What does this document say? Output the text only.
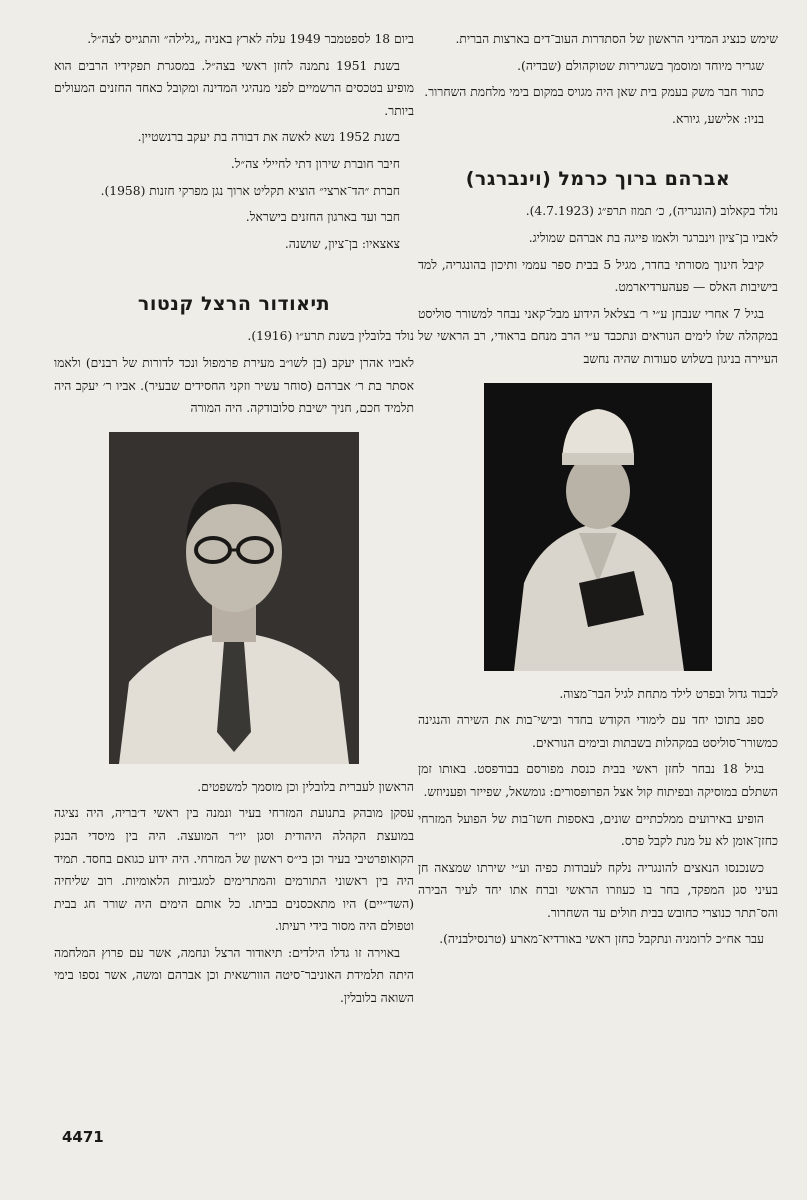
שימש כנציג המדיני הראשון של הסתדרות העוב־דים בארצות הברית.

שגריר מיוחד ומוסמך בשגרירות שטוקהולם (שבדיה).

כתור חבר משק בעמק בית שאן היה מגויס במקום בימי מלחמת השחרור.

בניו: אלישע, גיורא.

אברהם ברוך כרמל (וינברגר)

נולד בקאלוב (הונגריה), כ׳ תמוז תרפ״ג (4.7.1923).

לאביו בן־ציון וינברגר ולאמו פייגה בת אברהם שמוליג.

קיבל חינוך מסורתי בחדר, מגיל 5 בבית ספר עממי ותיכון בהונגריה, למד בישיבות האלס — פעהערדיארמט.

בגיל 7 אחרי שנבחן ע״י ר׳ בצלאל הידוע מבל־קאני נבחר למשורר סוליסט במקהלה שלו לימים הנוראים ונתכבד ע״י הרב מנחם בראודי, רב הראשי של העיירה בניגון בשלוש סעודות שהיה נחשב

לכבוד גדול ובפרט לילד מתחת לגיל הבר־מצוה.

ספג בתוכו יחד עם לימודי הקודש בחדר ובישי־בות את השירה והנגינה כמשורר־סוליסט במקהלות בשבתות ובימים הנוראים.

בגיל 18 נבחר לחזן ראשי בבית כנסת מפורסם בבודפסט. באותו זמן השתלם במוסיקה ובפיתוח קול אצל הפרופסורים: גומשאל, שפייזר ופעניוזש.

הופיע באירועים ממלכתיים שונים, באספות חשו־בות של הפועל המזרחי כחזן־אומן לא על מנת לקבל פרס.

כשנכנסו הנאצים להונגריה נלקח לעבודות כפיה וע״י שירתו שמצאה חן בעיני סגן המפקד, בחר בו כעוזרו הראשי וברח אתו יחד לעיר הבירה והס־תתר כנוצרי כחובש בבית חולים עד השחרור.

עבר אח״כ לרומניה ונתקבל כחזן ראשי באורדיא־מארע (טרנסילבניה).

ביום 18 לספטמבר 1949 עלה לארץ באניה „גלילה״ והתגייס לצה״ל.

בשנת 1951 נתמנה לחזן ראשי בצה״ל. במסגרת תפקידיו הרבים הוא מופיע בטכסים הרשמיים לפני מנהיגי המדינה ומקובל כאחד החזנים המעולים ביותר.

בשנת 1952 נשא לאשה את דבורה בת יעקב ברנשטיין.

חיבר חוברת שירון דתי לחיילי צה״ל.

חברת ״הד־ארצי״ הוציא תקליט ארוך נגן מפרקי חזנות (1958).

חבר ועד בארגון החזנים בישראל.

צאצאיו: בן־ציון, שושנה.

תיאודור הרצל קנטור

נולד בלובלין בשנת תרע״ו (1916).

לאביו אהרן יעקב (בן לשו״ב מעירת פרמפול ונכד לדורות של רבנים) ולאמו אסתר בת ר׳ אברהם (סוחר עשיר וזקני החסידים שבעיר). אביו ר׳ יעקב היה תלמיד חכם, חניך ישיבת סלובודקה. היה המורה

הראשון לעברית בלובלין וכן מוסמך למשפטים.

עסקן מובהק בתנועת המזרחי בעיר ונמנה בין ראשי ד׳בריה, היה נציגה במועצת הקהלה היהודית וסגן יו״ר המועצה. היה בין מיסדי הבנק הקואופרטיבי בעיר וכן בי״ס ראשון של המזרחי. היה ידוע כגואם בחסד. תמיד היה בין ראשוני התורמים והמתרימים למגביות הלאומיות. רוב שליחיה (השד״יים) היו מתאכסנים בביתו. כל אותם הימים היה שורר חג בבית וטפולם היה מסור בידי רעיתו.

באוירה זו גדלו הילדים: תיאודור הרצל ונחמה, אשר עם פרוץ המלחמה היתה תלמידת האוניבר־סיטה הוורשאית וכן אברהם ומשה, אשר נספו בימי השואה בלובלין.

4471
